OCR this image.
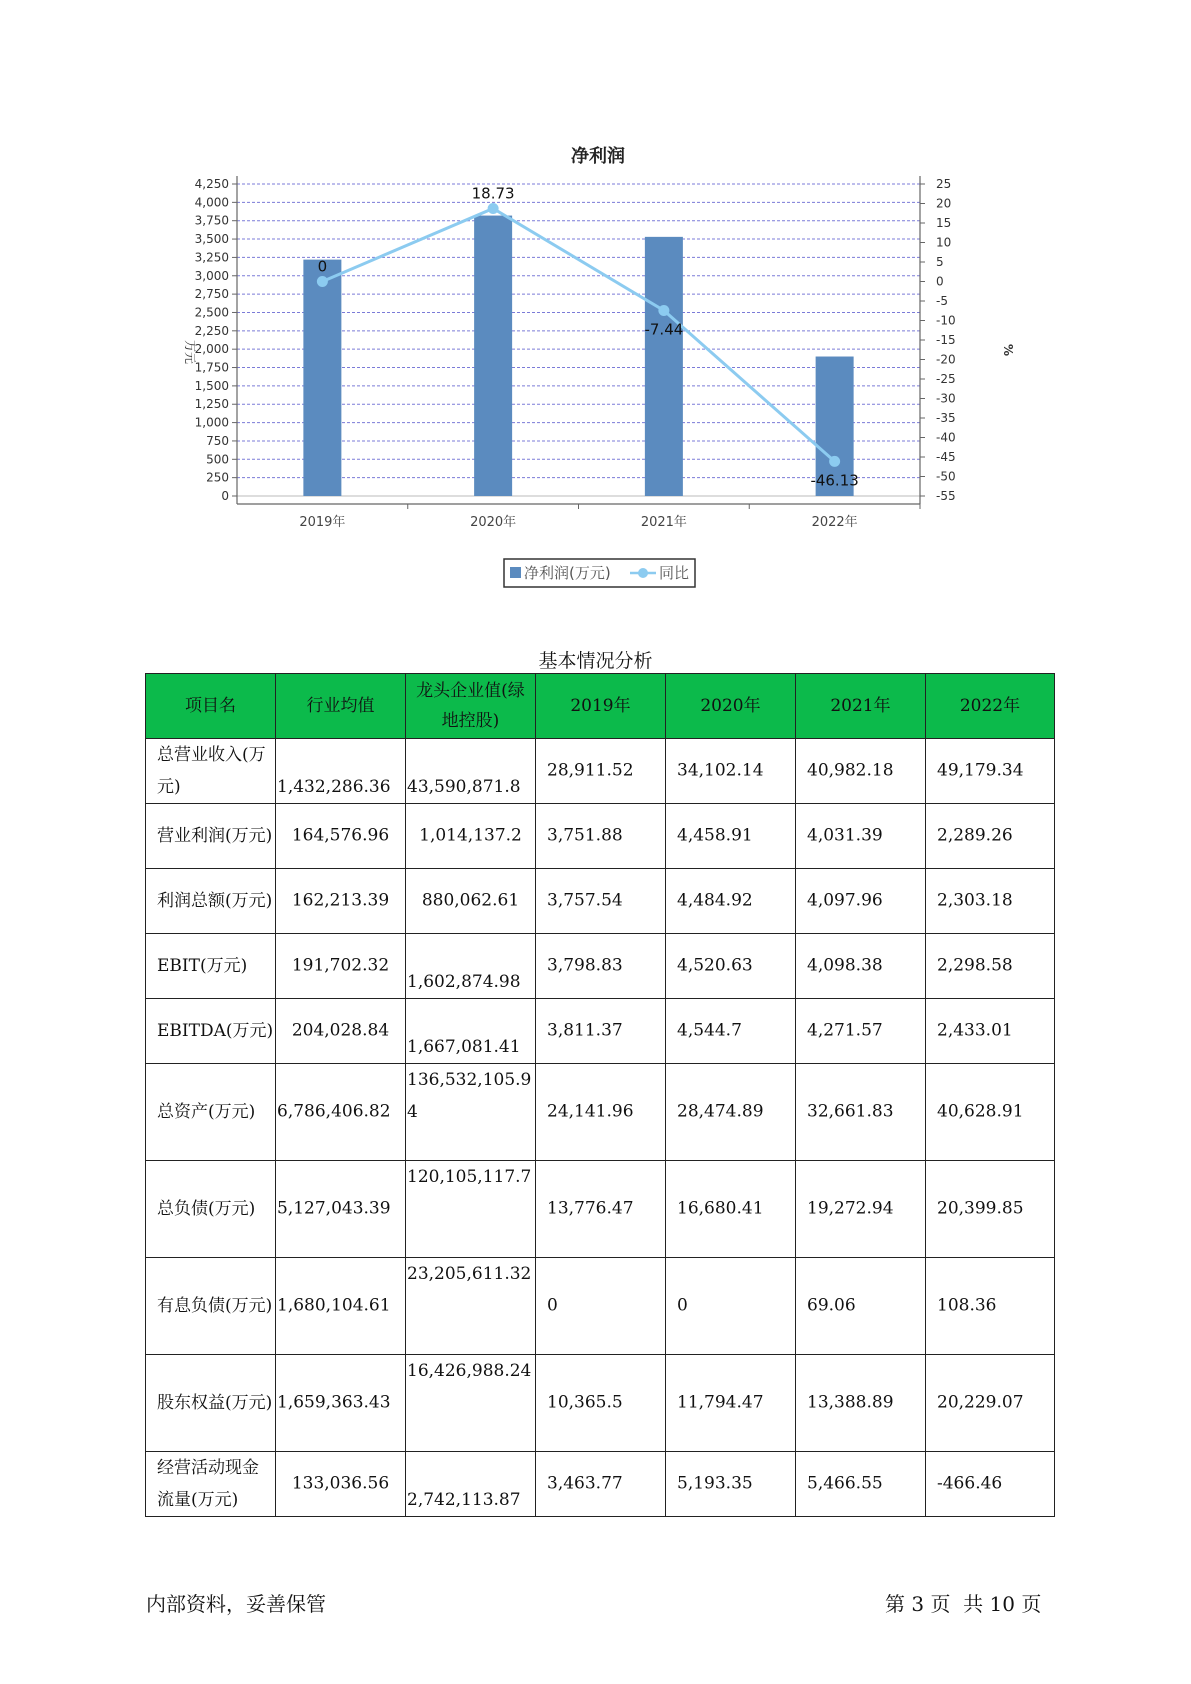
净利润
0
18.73
-7.44
-46.13
0
250
500
750
1,000
1,250
1,500
1,750
2,000
2,250
2,500
2,750
3,000
3,250
3,500
3,750
4,000
4,250	25
20
15
10
5
0
-5
-10
-15
-20
-25
-30
-35
-40
-45
-50
-55
2019年	2020年	2021年	2022年
万元	%
净利润(万元)	同比
基本情况分析
项目名	行业均值	龙头企业值(绿地控股)	2019年	2020年	2021年	2022年

总营业收入(万元)	1,432,286.36	43,590,871.8	28,911.52	34,102.14	40,982.18	49,179.34

营业利润(万元)	164,576.96	1,014,137.2	3,751.88	4,458.91	4,031.39	2,289.26

利润总额(万元)	162,213.39	880,062.61	3,757.54	4,484.92	4,097.96	2,303.18

EBIT(万元)	191,702.32	1,602,874.98	3,798.83	4,520.63	4,098.38	2,298.58

EBITDA(万元)	204,028.84	1,667,081.41	3,811.37	4,544.7	4,271.57	2,433.01

总资产(万元)	6,786,406.82	136,532,105.94	24,141.96	28,474.89	32,661.83	40,628.91

总负债(万元)	5,127,043.39	120,105,117.7	13,776.47	16,680.41	19,272.94	20,399.85

有息负债(万元)	1,680,104.61	23,205,611.32	0	0	69.06	108.36

股东权益(万元)	1,659,363.43	16,426,988.24	10,365.5	11,794.47	13,388.89	20,229.07

经营活动现金流量(万元)	133,036.56	2,742,113.87	3,463.77	5,193.35	5,466.55	-466.46
内部资料，妥善保管	第 3 页  共 10 页
